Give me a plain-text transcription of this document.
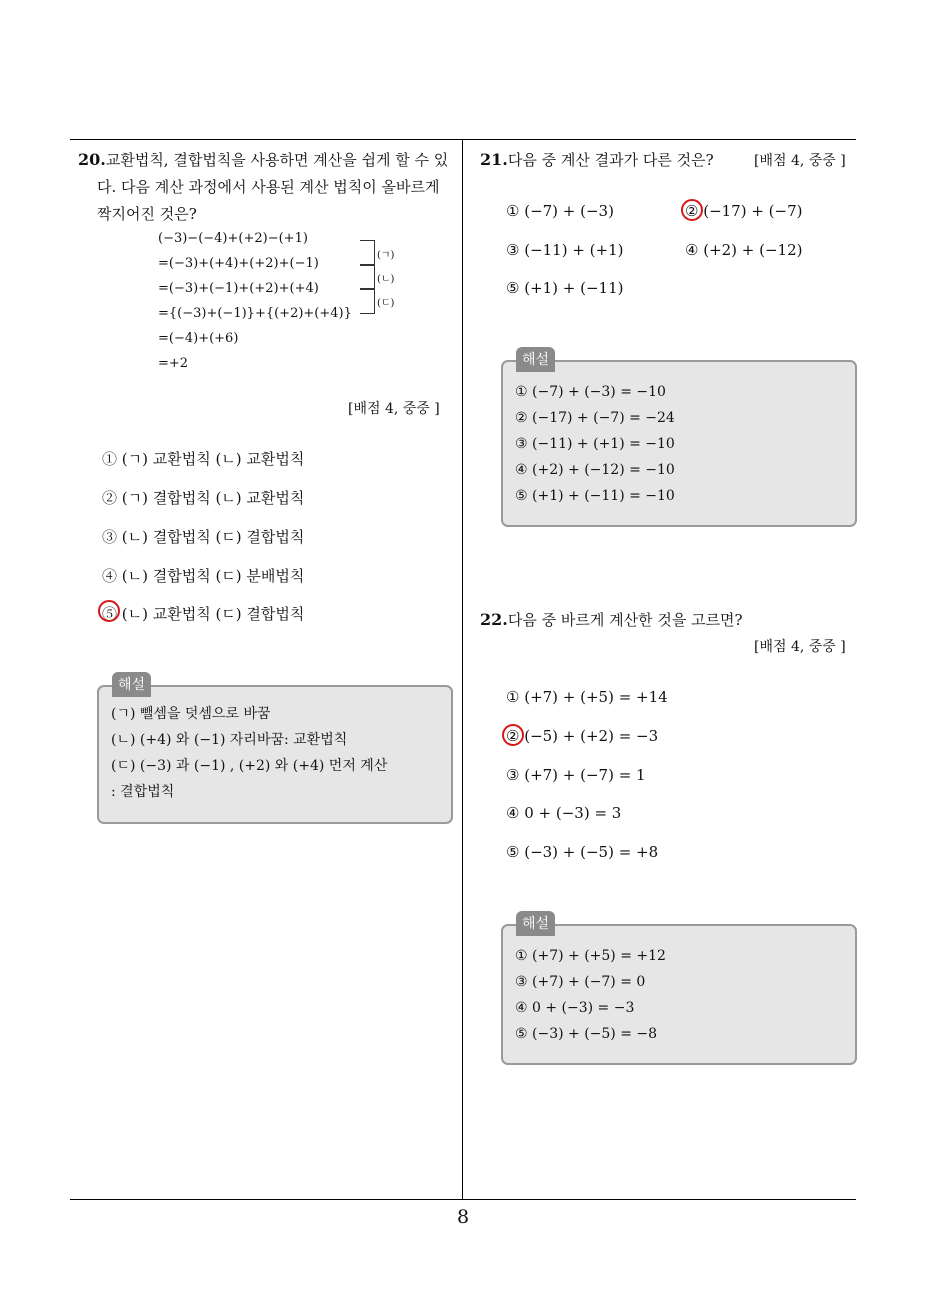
8
20.교환법칙, 결합법칙을 사용하면 계산을 쉽게 할 수 있
다. 다음 계산 과정에서 사용된 계산 법칙이 올바르게
짝지어진 것은?
(−3)−(−4)+(+2)−(+1)
=(−3)+(+4)+(+2)+(−1)
=(−3)+(−1)+(+2)+(+4)
={(−3)+(−1)}+{(+2)+(+4)}
=(−4)+(+6)
=+2
(ㄱ)
(ㄴ)
(ㄷ)
[배점 4, 중중 ]
① (ㄱ) 교환법칙 (ㄴ) 교환법칙
② (ㄱ) 결합법칙 (ㄴ) 교환법칙
③ (ㄴ) 결합법칙 (ㄷ) 결합법칙
④ (ㄴ) 결합법칙 (ㄷ) 분배법칙
⑤ (ㄴ) 교환법칙 (ㄷ) 결합법칙
(ㄱ) 뺄셈을 덧셈으로 바꿈
(ㄴ) (+4) 와 (−1) 자리바꿈: 교환법칙
(ㄷ) (−3) 과 (−1) , (+2) 와 (+4) 먼저 계산
: 결합법칙
해설
21.다음 중 계산 결과가 다른 것은?	[배점 4, 중중 ]
① (−7) + (−3)	② (−17) + (−7)
③ (−11) + (+1)	④ (+2) + (−12)
⑤ (+1) + (−11)
① (−7) + (−3) = −10
② (−17) + (−7) = −24
③ (−11) + (+1) = −10
④ (+2) + (−12) = −10
⑤ (+1) + (−11) = −10
해설
22.다음 중 바르게 계산한 것을 고르면?
[배점 4, 중중 ]
① (+7) + (+5) = +14
② (−5) + (+2) = −3
③ (+7) + (−7) = 1
④ 0 + (−3) = 3
⑤ (−3) + (−5) = +8
① (+7) + (+5) = +12
③ (+7) + (−7) = 0
④ 0 + (−3) = −3
⑤ (−3) + (−5) = −8
해설
